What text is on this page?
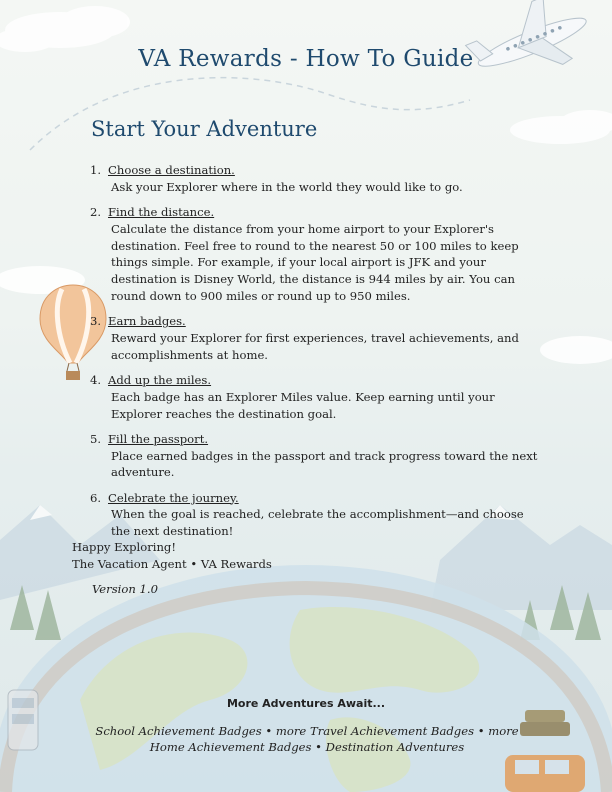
VA Rewards - How To Guide
Start Your Adventure
1. Choose a destination.
Ask your Explorer where in the world they would like to go.
2. Find the distance.
Calculate the distance from your home airport to your Explorer's destination. Feel free to round to the nearest 50 or 100 miles to keep things simple. For example, if your local airport is JFK and your destination is Disney World, the distance is 944 miles by air. You can round down to 900 miles or round up to 950 miles.
3. Earn badges.
Reward your Explorer for first experiences, travel achievements, and accomplishments at home.
4. Add up the miles.
Each badge has an Explorer Miles value. Keep earning until your Explorer reaches the destination goal.
5. Fill the passport.
Place earned badges in the passport and track progress toward the next adventure.
6. Celebrate the journey.
When the goal is reached, celebrate the accomplishment—and choose the next destination!
Happy Exploring!
The Vacation Agent • VA Rewards
Version 1.0
More Adventures Await...
School Achievement Badges • more Travel Achievement Badges • more Home Achievement Badges • Destination Adventures
